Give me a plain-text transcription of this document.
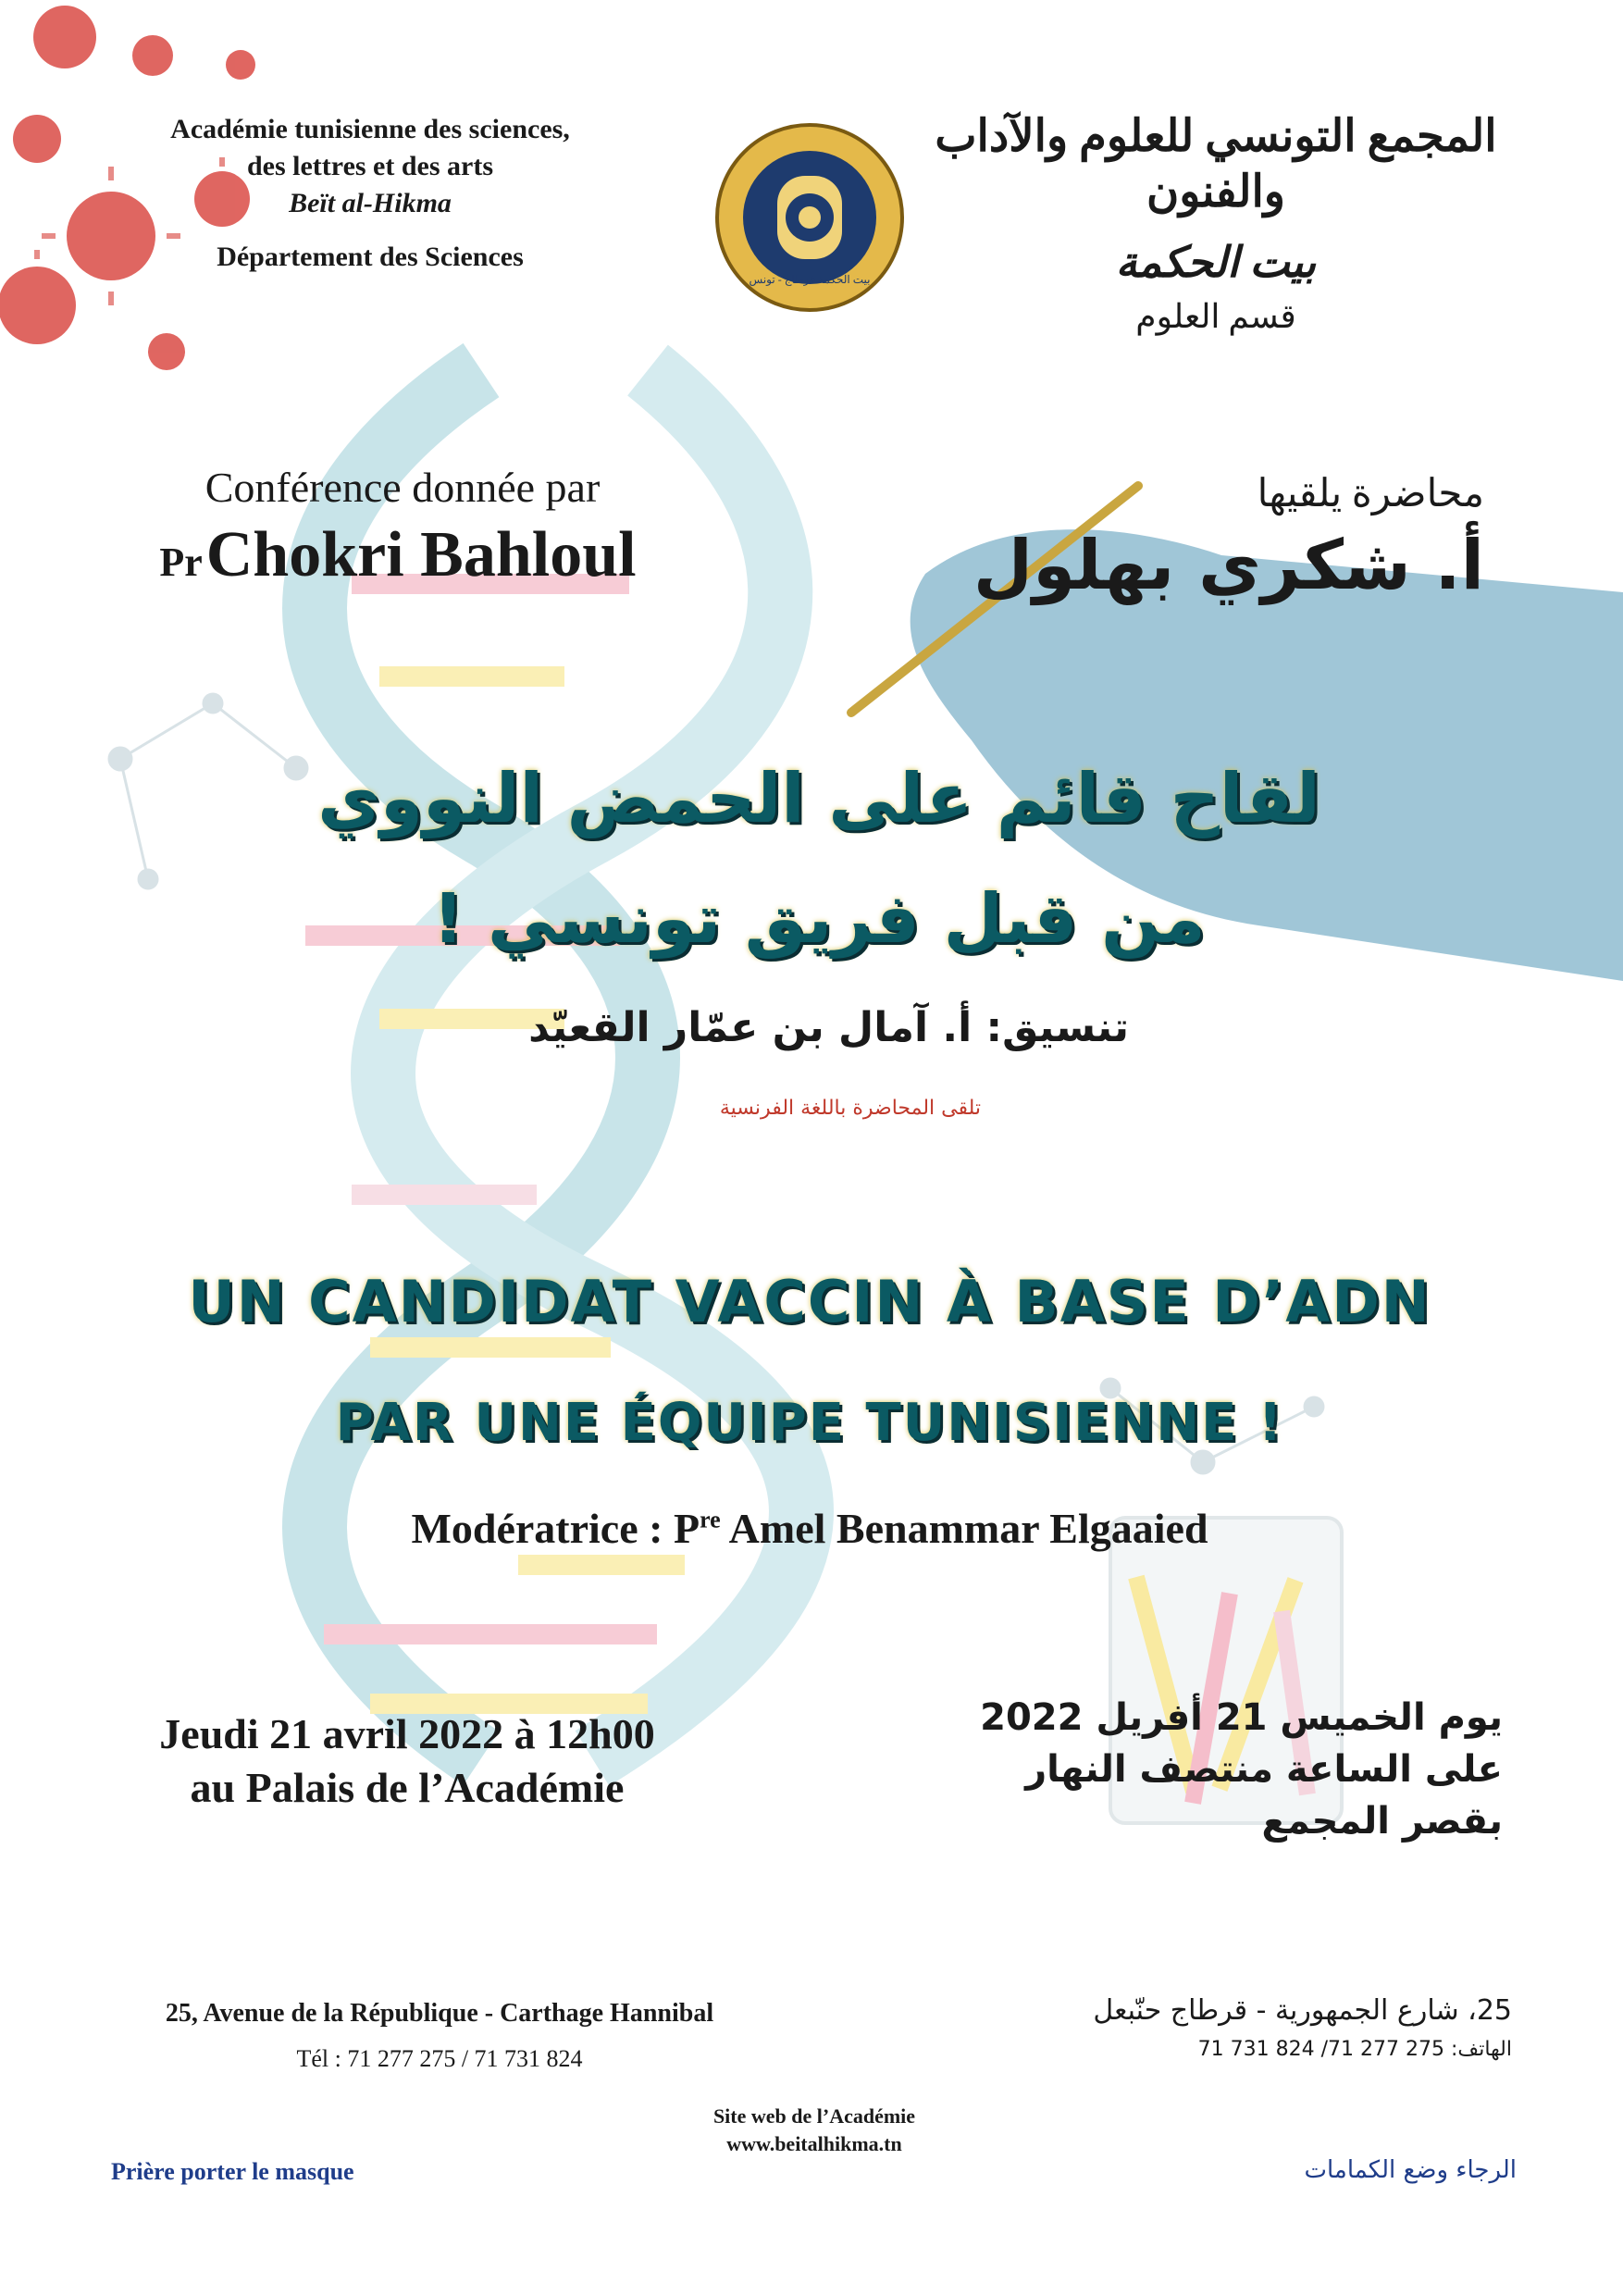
بيت الحكمة قرطاج - تونس
Académie tunisienne des sciences,
des lettres et des arts
Beït al-Hikma
Département des Sciences
المجمع التونسي للعلوم والآداب والفنون
بيت الحكمة
قسم العلوم
Conférence donnée par
Pr Chokri Bahloul
محاضرة يلقيها
أ. شكري بهلول
لقاح قائم على الحمض النووي
من قبل فريق تونسي !
تنسيق: أ. آمال بن عمّار القعيّد
تلقى المحاضرة باللغة الفرنسية
UN CANDIDAT VACCIN À BASE D’ADN
PAR UNE ÉQUIPE TUNISIENNE !
Modératrice : $P^{re}$ Amel Benammar Elgaaied
Jeudi 21 avril 2022 à 12h00
au Palais de l’Académie
يوم الخميس 21 أفريل 2022
على الساعة منتصف النهار
بقصر المجمع
25, Avenue de la République - Carthage Hannibal
Tél : 71 277 275 / 71 731 824
25، شارع الجمهورية - قرطاج حنّبعل
الهاتف: 275 277 71/ 824 731 71
Site web de l’Académie
www.beitalhikma.tn
Prière porter le masque	الرجاء وضع الكمامات
